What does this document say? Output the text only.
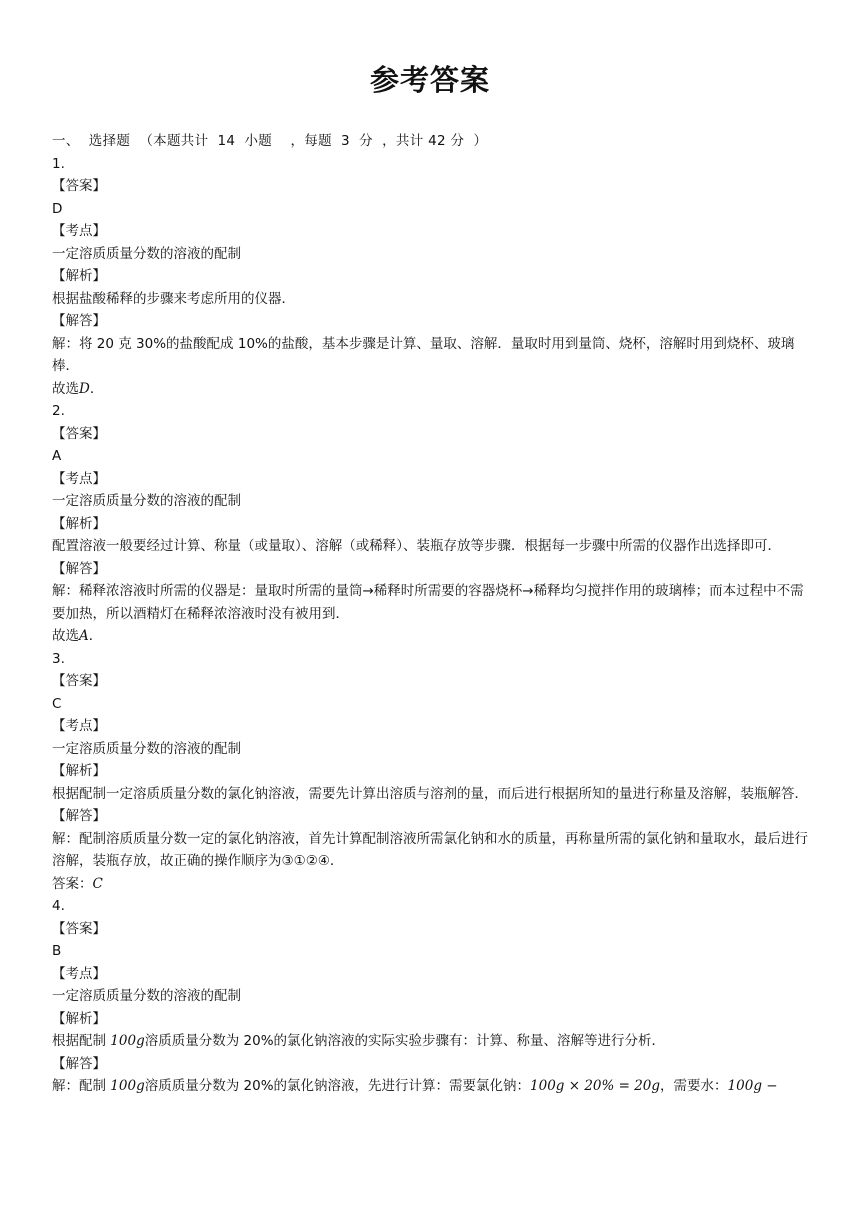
参考答案
一、  选择题  （本题共计  14  小题    ，每题  3  分  ，共计 42 分  ）
1.
【答案】
D
【考点】
一定溶质质量分数的溶液的配制
【解析】
根据盐酸稀释的步骤来考虑所用的仪器．
【解答】
解：将 20 克 30%的盐酸配成 10%的盐酸，基本步骤是计算、量取、溶解．量取时用到量筒、烧杯，溶解时用到烧杯、玻璃棒．
故选D．
2.
【答案】
A
【考点】
一定溶质质量分数的溶液的配制
【解析】
配置溶液一般要经过计算、称量（或量取）、溶解（或稀释）、装瓶存放等步骤．根据每一步骤中所需的仪器作出选择即可．
【解答】
解：稀释浓溶液时所需的仪器是：量取时所需的量筒→稀释时所需要的容器烧杯→稀释均匀搅拌作用的玻璃棒；而本过程中不需要加热，所以酒精灯在稀释浓溶液时没有被用到．
故选A．
3.
【答案】
C
【考点】
一定溶质质量分数的溶液的配制
【解析】
根据配制一定溶质质量分数的氯化钠溶液，需要先计算出溶质与溶剂的量，而后进行根据所知的量进行称量及溶解，装瓶解答．
【解答】
解：配制溶质质量分数一定的氯化钠溶液，首先计算配制溶液所需氯化钠和水的质量，再称量所需的氯化钠和量取水，最后进行溶解，装瓶存放，故正确的操作顺序为③①②④．
答案：C
4.
【答案】
B
【考点】
一定溶质质量分数的溶液的配制
【解析】
根据配制 100g溶质质量分数为 20%的氯化钠溶液的实际实验步骤有：计算、称量、溶解等进行分析．
【解答】
解：配制 100g溶质质量分数为 20%的氯化钠溶液，先进行计算：需要氯化钠：100g × 20% = 20g，需要水：100g −
